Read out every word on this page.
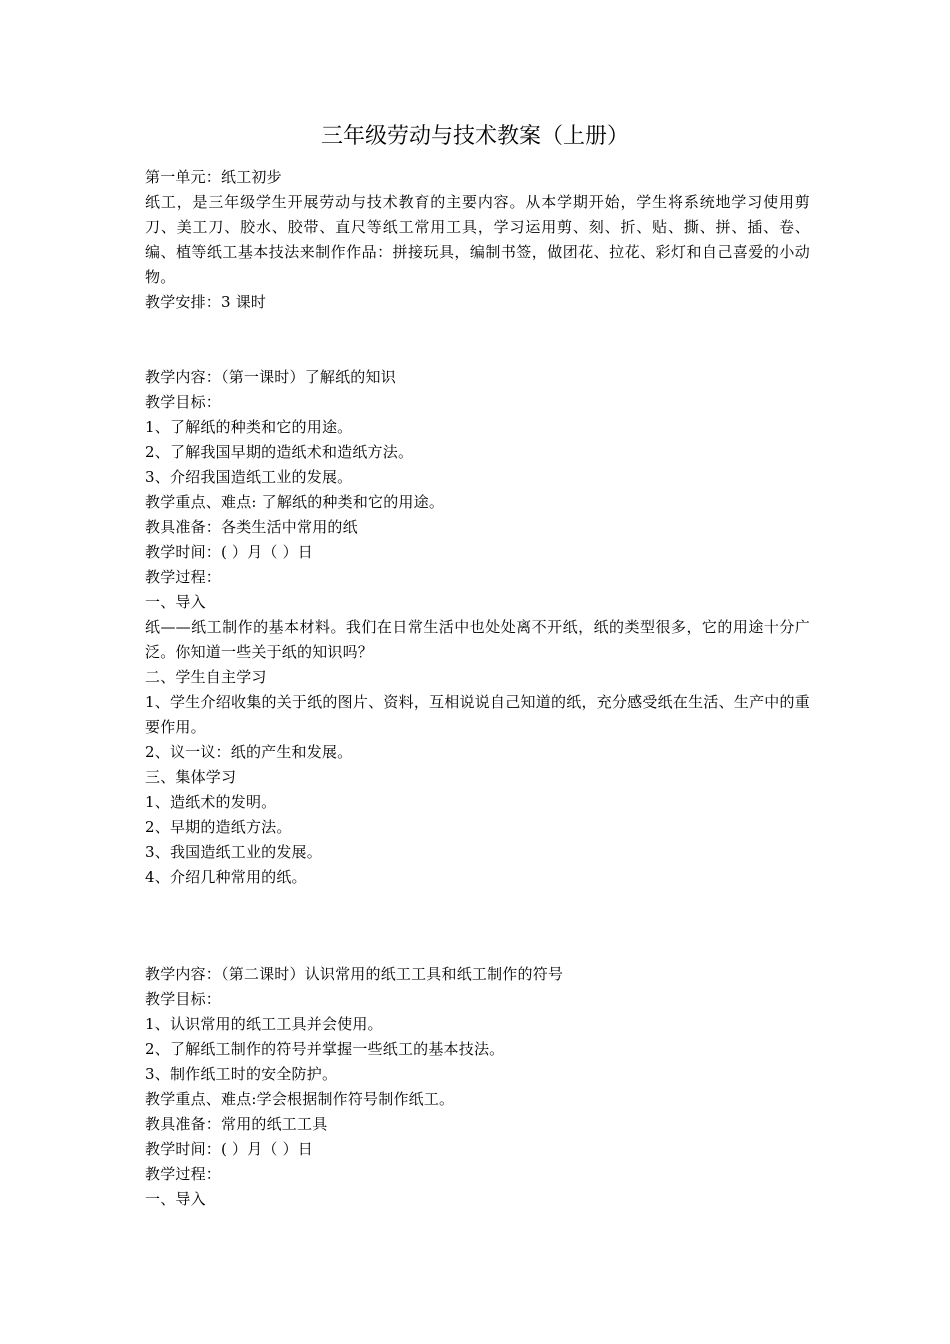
三年级劳动与技术教案（上册）
第一单元：纸工初步
纸工，是三年级学生开展劳动与技术教育的主要内容。从本学期开始，学生将系统地学习使用剪刀、美工刀、胶水、胶带、直尺等纸工常用工具，学习运用剪、刻、折、贴、撕、拼、插、卷、编、植等纸工基本技法来制作作品：拼接玩具，编制书签，做团花、拉花、彩灯和自己喜爱的小动物。
教学安排：3 课时
教学内容：（第一课时）了解纸的知识
教学目标：
1、了解纸的种类和它的用途。
2、了解我国早期的造纸术和造纸方法。
3、介绍我国造纸工业的发展。
教学重点、难点: 了解纸的种类和它的用途。
教具准备：各类生活中常用的纸
教学时间：( ）月（ ）日
教学过程：
一、导入
纸——纸工制作的基本材料。我们在日常生活中也处处离不开纸，纸的类型很多，它的用途十分广泛。你知道一些关于纸的知识吗？
二、学生自主学习
1、学生介绍收集的关于纸的图片、资料，互相说说自己知道的纸，充分感受纸在生活、生产中的重要作用。
2、议一议：纸的产生和发展。
三、集体学习
1、造纸术的发明。
2、早期的造纸方法。
3、我国造纸工业的发展。
4、介绍几种常用的纸。
教学内容：（第二课时）认识常用的纸工工具和纸工制作的符号
教学目标：
1、认识常用的纸工工具并会使用。
2、了解纸工制作的符号并掌握一些纸工的基本技法。
3、制作纸工时的安全防护。
教学重点、难点:学会根据制作符号制作纸工。
教具准备：常用的纸工工具
教学时间：( ）月（ ）日
教学过程：
一、导入
